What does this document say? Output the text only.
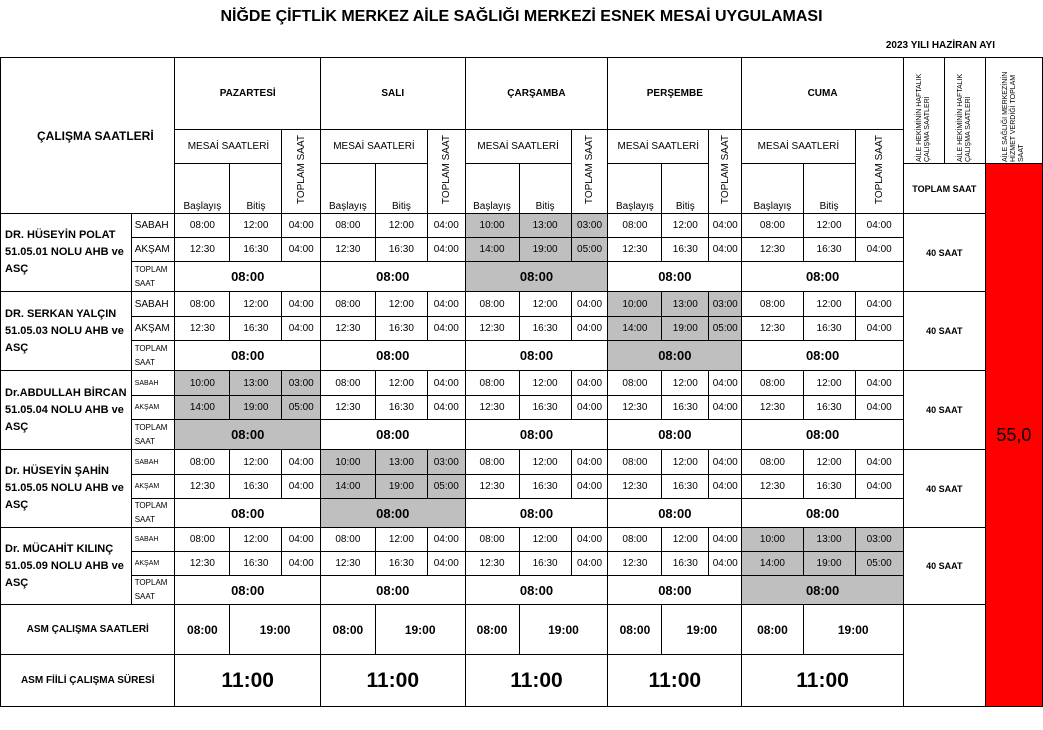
NİĞDE ÇİFTLİK MERKEZ AİLE SAĞLIĞI MERKEZİ ESNEK MESAİ UYGULAMASI
2023 YILI HAZİRAN AYI
ÇALIŞMA SAATLERİ		PAZARTESİ			SALI			ÇARŞAMBA			PERŞEMBE			CUMA			AİLE HEKİMİNİN HAFTALIK ÇALIŞMA SAATLERİ	AİLE HEKİMİNİN HAFTALIK ÇALIŞMA SAATLERİ	AİLE SAĞLIĞI MERKEZİNİN HİZMET VERDİĞİ TOPLAM SAAT
		MESAİ SAATLERİ		TOPLAM SAAT	MESAİ SAATLERİ		TOPLAM SAAT	MESAİ SAATLERİ		TOPLAM SAAT	MESAİ SAATLERİ		TOPLAM SAAT	MESAİ SAATLERİ		TOPLAM SAAT			
		Başlayış	Bitiş		Başlayış	Bitiş		Başlayış	Bitiş		Başlayış	Bitiş		Başlayış	Bitiş		TOPLAM SAAT		55,0
DR. HÜSEYİN POLAT 51.05.01 NOLU AHB ve ASÇ	SABAH	08:00	12:00	04:00	08:00	12:00	04:00	10:00	13:00	03:00	08:00	12:00	04:00	08:00	12:00	04:00	40 SAAT		
	AKŞAM	12:30	16:30	04:00	12:30	16:30	04:00	14:00	19:00	05:00	12:30	16:30	04:00	12:30	16:30	04:00			
	TOPLAM SAAT	08:00			08:00			08:00			08:00			08:00					
DR. SERKAN YALÇIN 51.05.03 NOLU AHB ve ASÇ	SABAH	08:00	12:00	04:00	08:00	12:00	04:00	08:00	12:00	04:00	10:00	13:00	03:00	08:00	12:00	04:00	40 SAAT		
	AKŞAM	12:30	16:30	04:00	12:30	16:30	04:00	12:30	16:30	04:00	14:00	19:00	05:00	12:30	16:30	04:00			
	TOPLAM SAAT	08:00			08:00			08:00			08:00			08:00					
Dr.ABDULLAH BİRCAN 51.05.04 NOLU AHB ve ASÇ	SABAH	10:00	13:00	03:00	08:00	12:00	04:00	08:00	12:00	04:00	08:00	12:00	04:00	08:00	12:00	04:00	40 SAAT		
	AKŞAM	14:00	19:00	05:00	12:30	16:30	04:00	12:30	16:30	04:00	12:30	16:30	04:00	12:30	16:30	04:00			
	TOPLAM SAAT	08:00			08:00			08:00			08:00			08:00					
Dr. HÜSEYİN ŞAHİN 51.05.05 NOLU AHB ve ASÇ	SABAH	08:00	12:00	04:00	10:00	13:00	03:00	08:00	12:00	04:00	08:00	12:00	04:00	08:00	12:00	04:00	40 SAAT		
	AKŞAM	12:30	16:30	04:00	14:00	19:00	05:00	12:30	16:30	04:00	12:30	16:30	04:00	12:30	16:30	04:00			
	TOPLAM SAAT	08:00			08:00			08:00			08:00			08:00					
Dr. MÜCAHİT KILINÇ 51.05.09 NOLU AHB ve ASÇ	SABAH	08:00	12:00	04:00	08:00	12:00	04:00	08:00	12:00	04:00	08:00	12:00	04:00	10:00	13:00	03:00	40 SAAT		
	AKŞAM	12:30	16:30	04:00	12:30	16:30	04:00	12:30	16:30	04:00	12:30	16:30	04:00	14:00	19:00	05:00			
	TOPLAM SAAT	08:00			08:00			08:00			08:00			08:00					
ASM ÇALIŞMA SAATLERİ		08:00	19:00		08:00	19:00		08:00	19:00		08:00	19:00		08:00	19:00				
ASM FİİLİ ÇALIŞMA SÜRESİ		11:00			11:00			11:00			11:00			11:00					
